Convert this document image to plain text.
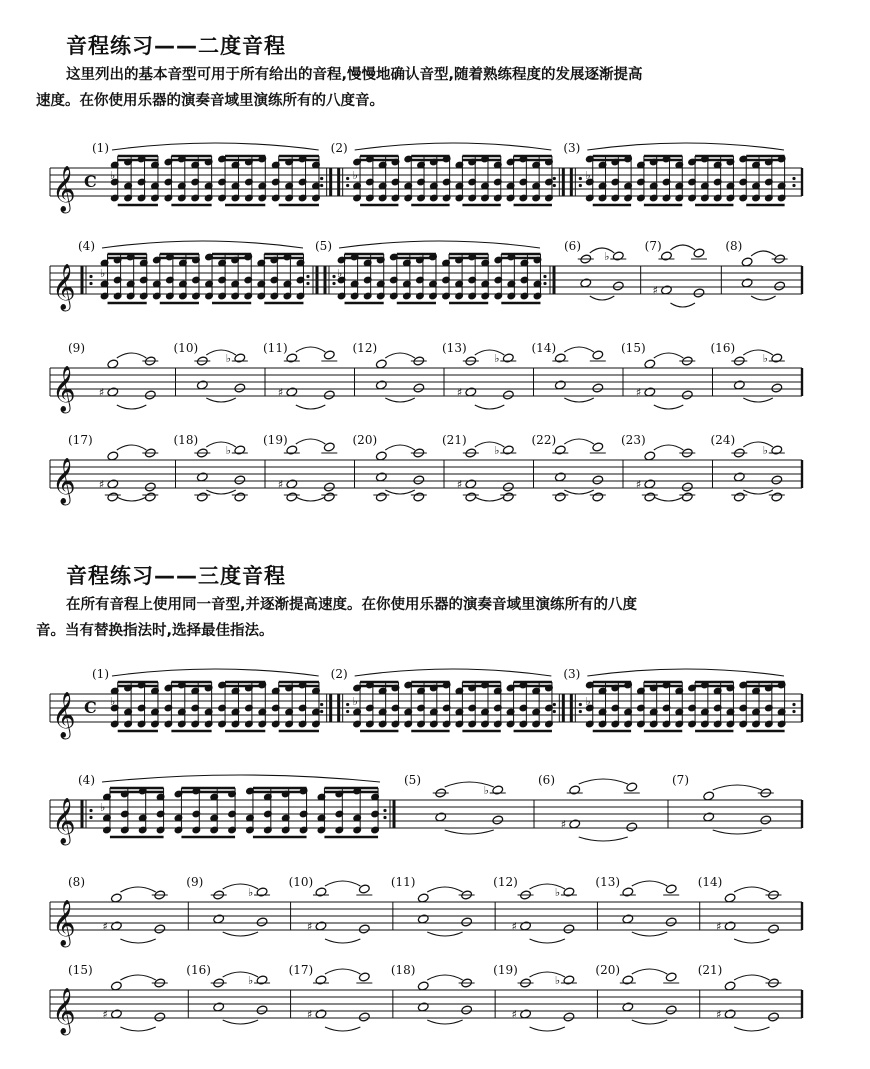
音程练习——二度音程
这里列出的基本音型可用于所有给出的音程,慢慢地确认音型,随着熟练程度的发展逐渐提高
速度。在你使用乐器的演奏音域里演练所有的八度音。
𝄞 C
(1)
♭
(2)
♭
(3)
♭
𝄞
(4)
♭
(5)
♭
(6)
♭
(7)
♯
(8)
𝄞
(9)
♯
(10)
♭
(11)
♯
(12)	(13)
♯
♭
(14)	(15)
♯
(16)
♭
𝄞
(17)
♯
(18)
♭
(19)
♯
(20)	(21)
♯
♭
(22)	(23)
♯
(24)
♭
音程练习——三度音程
在所有音程上使用同一音型,并逐渐提高速度。在你使用乐器的演奏音域里演练所有的八度
音。当有替换指法时,选择最佳指法。
𝄞 C
(1)
♭
(2)
♭
(3)
♭
𝄞
(4)
♭
(5)
♭
(6)
♯
(7)
𝄞
(8)
♯
(9)
♭
(10)
♯
(11)	(12)
♯
♭
(13)	(14)
♯
𝄞
(15)
♯
(16)
♭
(17)
♯
(18)	(19)
♯
♭
(20)	(21)
♯
